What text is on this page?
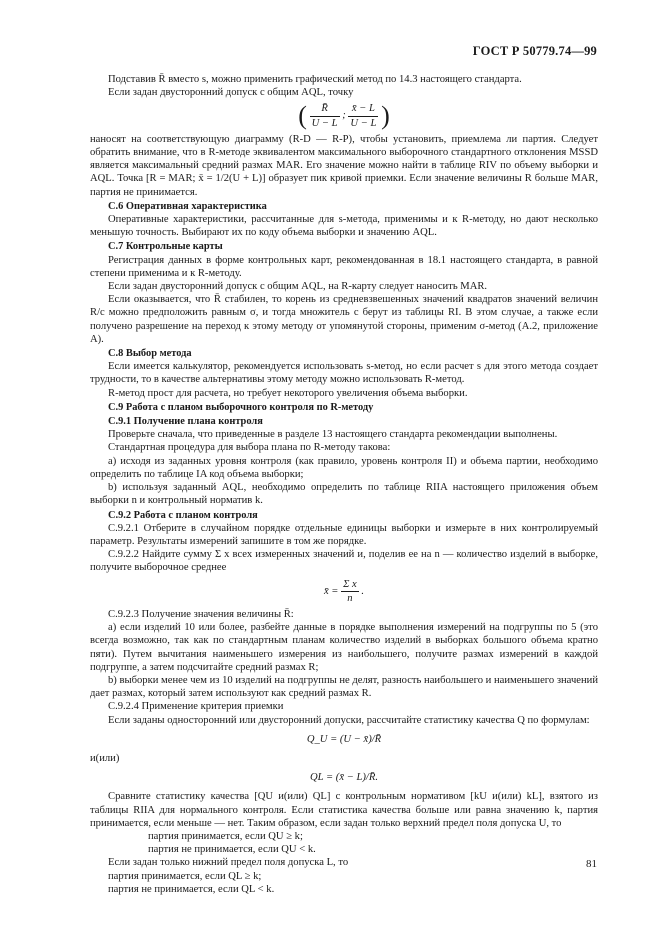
ГОСТ Р 50779.74—99

Подставив R̄ вместо s, можно применить графический метод по 14.3 настоящего стандарта.

Если задан двусторонний допуск с общим AQL, точку

( $\frac{R̄}{U - L}$ ; $\frac{x̄ - L}{U - L}$ )

наносят на соответствующую диаграмму (R-D — R-P), чтобы установить, приемлема ли партия. Следует обратить внимание, что в R-методе эквивалентом максимального выборочного стандартного отклонения MSSD является максимальный средний размах MAR. Его значение можно найти в таблице RIV по объему выборки и AQL. Точка [R = MAR; x̄ = 1/2(U + L)] образует пик кривой приемки. Если значение величины R больше MAR, партия не принимается.

С.6 Оперативная характеристика

Оперативные характеристики, рассчитанные для s-метода, применимы и к R-методу, но дают несколько меньшую точность. Выбирают их по коду объема выборки и значению AQL.

С.7 Контрольные карты

Регистрация данных в форме контрольных карт, рекомендованная в 18.1 настоящего стандарта, в равной степени применима и к R-методу.

Если задан двусторонний допуск с общим AQL, на R-карту следует наносить MAR.

Если оказывается, что R̄ стабилен, то корень из средневзвешенных значений квадратов значений величин R/c можно предположить равным σ, и тогда множитель c берут из таблицы RI. В этом случае, а также если получено разрешение на переход к этому методу от упомянутой стороны, применим σ-метод (А.2, приложение А).

С.8 Выбор метода

Если имеется калькулятор, рекомендуется использовать s-метод, но если расчет s для этого метода создает трудности, то в качестве альтернативы этому методу можно использовать R-метод.

R-метод прост для расчета, но требует некоторого увеличения объема выборки.

С.9 Работа с планом выборочного контроля по R-методу
С.9.1 Получение плана контроля

Проверьте сначала, что приведенные в разделе 13 настоящего стандарта рекомендации выполнены.

Стандартная процедура для выбора плана по R-методу такова:

а) исходя из заданных уровня контроля (как правило, уровень контроля II) и объема партии, необходимо определить по таблице IA код объема выборки;

b) используя заданный AQL, необходимо определить по таблице RIIA настоящего приложения объем выборки n и контрольный норматив k.

С.9.2 Работа с планом контроля

С.9.2.1 Отберите в случайном порядке отдельные единицы выборки и измерьте в них контролируемый параметр. Результаты измерений запишите в том же порядке.

С.9.2.2 Найдите сумму Σ x всех измеренных значений и, поделив ее на n — количество изделий в выборке, получите выборочное среднее

x̄ = $\frac{\text{Σ x}}{n}$ .

С.9.2.3 Получение значения величины R̄:

а) если изделий 10 или более, разбейте данные в порядке выполнения измерений на подгруппы по 5 (это всегда возможно, так как по стандартным планам количество изделий в выборках большого объема кратно пяти). Путем вычитания наименьшего измерения из наибольшего, получите размах измерений в каждой подгруппе, а затем подсчитайте средний размах R;

b) выборки менее чем из 10 изделий на подгруппы не делят, разность наибольшего и наименьшего значений дает размах, который затем используют как средний размах R.

С.9.2.4 Применение критерия приемки

Если заданы односторонний или двусторонний допуски, рассчитайте статистику качества Q по формулам:

Q_U = (U − x̄)/R̄

и(или)

QL = (x̄ − L)/R̄.

Сравните статистику качества [QU и(или) QL] с контрольным нормативом [kU и(или) kL], взятого из таблицы RIIA для нормального контроля. Если статистика качества больше или равна значению k, партия принимается, если меньше — нет. Таким образом, если задан только верхний предел поля допуска U, то

партия принимается, если QU ≥ k;

партия не принимается, если QU < k.

Если задан только нижний предел поля допуска L, то

партия принимается, если QL ≥ k;

партия не принимается, если QL < k.

81
